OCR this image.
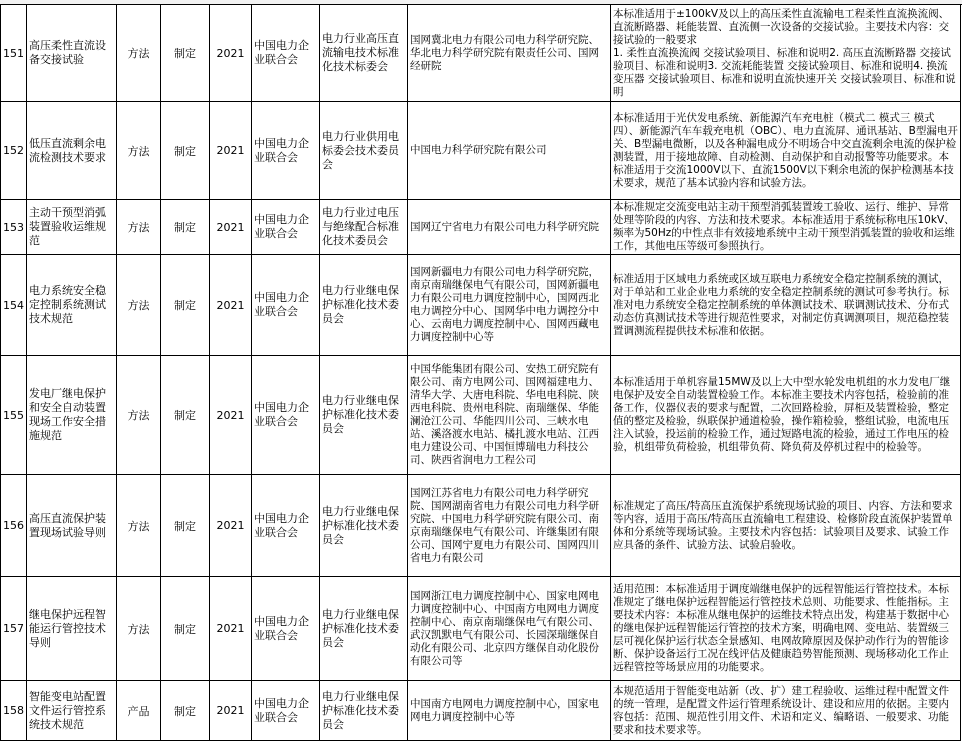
151	高压柔性直流设备交接试验	方法	制定	2021	中国电力企业联合会	电力行业高压直流输电技术标准化技术标委会	国网冀北电力有限公司电力科学研究院、华北电力科学研究院有限责任公司、国网经研院	本标准适用于±100kV及以上的高压柔性直流输电工程柔性直流换流阀、直流断路器、耗能装置、直流侧一次设备的交接试验。主要技术内容：交接试验的一般要求
1. 柔性直流换流阀 交接试验项目、标准和说明2. 高压直流断路器 交接试验项目、标准和说明3. 交流耗能装置 交接试验项目、标准和说明4. 换流变压器 交接试验项目、标准和说明直流快速开关 交接试验项目、标准和说明

152	低压直流剩余电流检测技术要求	方法	制定	2021	中国电力企业联合会	电力行业供用电标委会技术委员会	中国电力科学研究院有限公司	本标准适用于光伏发电系统、新能源汽车充电桩（模式二 模式三 模式四）、新能源汽车车载充电机（OBC）、电力直流屏、通讯基站、B型漏电开关、B型漏电微断，以及各种漏电成分不明场合中交直流剩余电流的保护检测装置，用于接地故障、自动检测、自动保护和自动报警等功能要求。本标准适用于交流1000V以下、直流1500V以下剩余电流的保护检测基本技术要求，规范了基本试验内容和试验方法。

153	主动干预型消弧装置验收运维规范	方法	制定	2021	中国电力企业联合会	电力行业过电压与绝缘配合标准化技术委员会	国网辽宁省电力有限公司电力科学研究院	本标准规定交流变电站主动干预型消弧装置竣工验收、运行、维护、异常处理等阶段的内容、方法和技术要求。本标准适用于系统标称电压10kV、频率为50Hz的中性点非有效接地系统中主动干预型消弧装置的验收和运维工作，其他电压等级可参照执行。

154	电力系统安全稳定控制系统测试技术规范	方法	制定	2021	中国电力企业联合会	电力行业继电保护标准化技术委员会	国网新疆电力有限公司电力科学研究院，南京南瑞继保电气有限公司，国网新疆电力有限公司电力调度控制中心，国网西北电力调控分中心、国网华中电力调控分中心、云南电力调度控制中心、国网西藏电力调度控制中心等	标准适用于区域电力系统或区域互联电力系统安全稳定控制系统的测试，对于单站和工业企业电力系统的安全稳定控制系统的测试可参考执行。标准对电力系统安全稳定控制系统的单体测试技术、联调测试技术、分布式动态仿真测试技术等进行规范性要求，对制定仿真调测项目，规范稳控装置调测流程提供技术标准和依据。

155	发电厂继电保护和安全自动装置现场工作安全措施规范	方法	制定	2021	中国电力企业联合会	电力行业继电保护标准化技术委员会	中国华能集团有限公司、安热工研究院有限公司、南方电网公司、国网福建电力、清华大学、大唐电科院、华电电科院、陕西电科院、贵州电科院、南瑞继保、华能澜沧江公司、华能四川公司、三峡水电站、溪洛渡水电站、橘扎渡水电站、江西电力建设公司、中国恒博瑞电力科技公司、陕西省润电力工程公司	本标准适用于单机容量15MW及以上大中型水轮发电机组的水力发电厂继电保护及安全自动装置检验工作。本标准主要技术内容包括，检验前的准备工作，仪器仪表的要求与配置，二次回路检验，屏柜及装置检验，整定值的整定及检验，纵联保护通道检验，操作箱检验，整组试验，电流电压注入试验，投运前的检验工作，通过短路电流的检验，通过工作电压的检验，机组带负荷检验，机组带负荷、降负荷及停机过程中的检验等。

156	高压直流保护装置现场试验导则	方法	制定	2021	中国电力企业联合会	电力行业继电保护标准化技术委员会	国网江苏省电力有限公司电力科学研究院、国网湖南省电力有限公司电力科学研究院、中国电力科学研究院有限公司、南京南瑞继保电气有限公司、许继集团有限公司、国网宁夏电力有限公司、国网四川省电力有限公司	标准规定了高压/特高压直流保护系统现场试验的项目、内容、方法和要求等内容，适用于高压/特高压直流输电工程建设、检修阶段直流保护装置单体和分系统等现场试验。主要技术内容包括：试验项目及要求、试验工作应具备的条件、试验方法、试验启验收。

157	继电保护远程智能运行管控技术导则	方法	制定	2021	中国电力企业联合会	电力行业继电保护标准化技术委员会	国网浙江电力调度控制中心、国家电网电力调度控制中心、中国南方电网电力调度控制中心、南京南瑞继保电气有限公司、武汉凯默电气有限公司、长园深瑞继保自动化有限公司、北京四方继保自动化股份有限公司等	适用范围：本标准适用于调度端继电保护的远程智能运行管控技术。本标准规定了继电保护远程智能运行管控技术总则、功能要求、性能指标。主要技术内容：本标准从继电保护的运维技术特点出发，构建基于数据中心的继电保护远程智能运行管控的技术方案，明确电网、变电站、装置级三层可视化保护运行状态全景感知、电网故障原因及保护动作行为的智能诊断、保护设备运行工况在线评估及健康趋势智能预测、现场移动化工作止远程管控等场景应用的功能要求。

158	智能变电站配置文件运行管控系统技术规范	产品	制定	2021	中国电力企业联合会	电力行业继电保护标准化技术委员会	中国南方电网电力调度控制中心，国家电网电力调度控制中心等	本规范适用于智能变电站新（改、扩）建工程验收、运维过程中配置文件的统一管理，是配置文件运行管理系统设计、建设和应用的依据。主要内容包括：范围、规范性引用文件、术语和定义、编略语、一般要求、功能要求和技术要求等。
